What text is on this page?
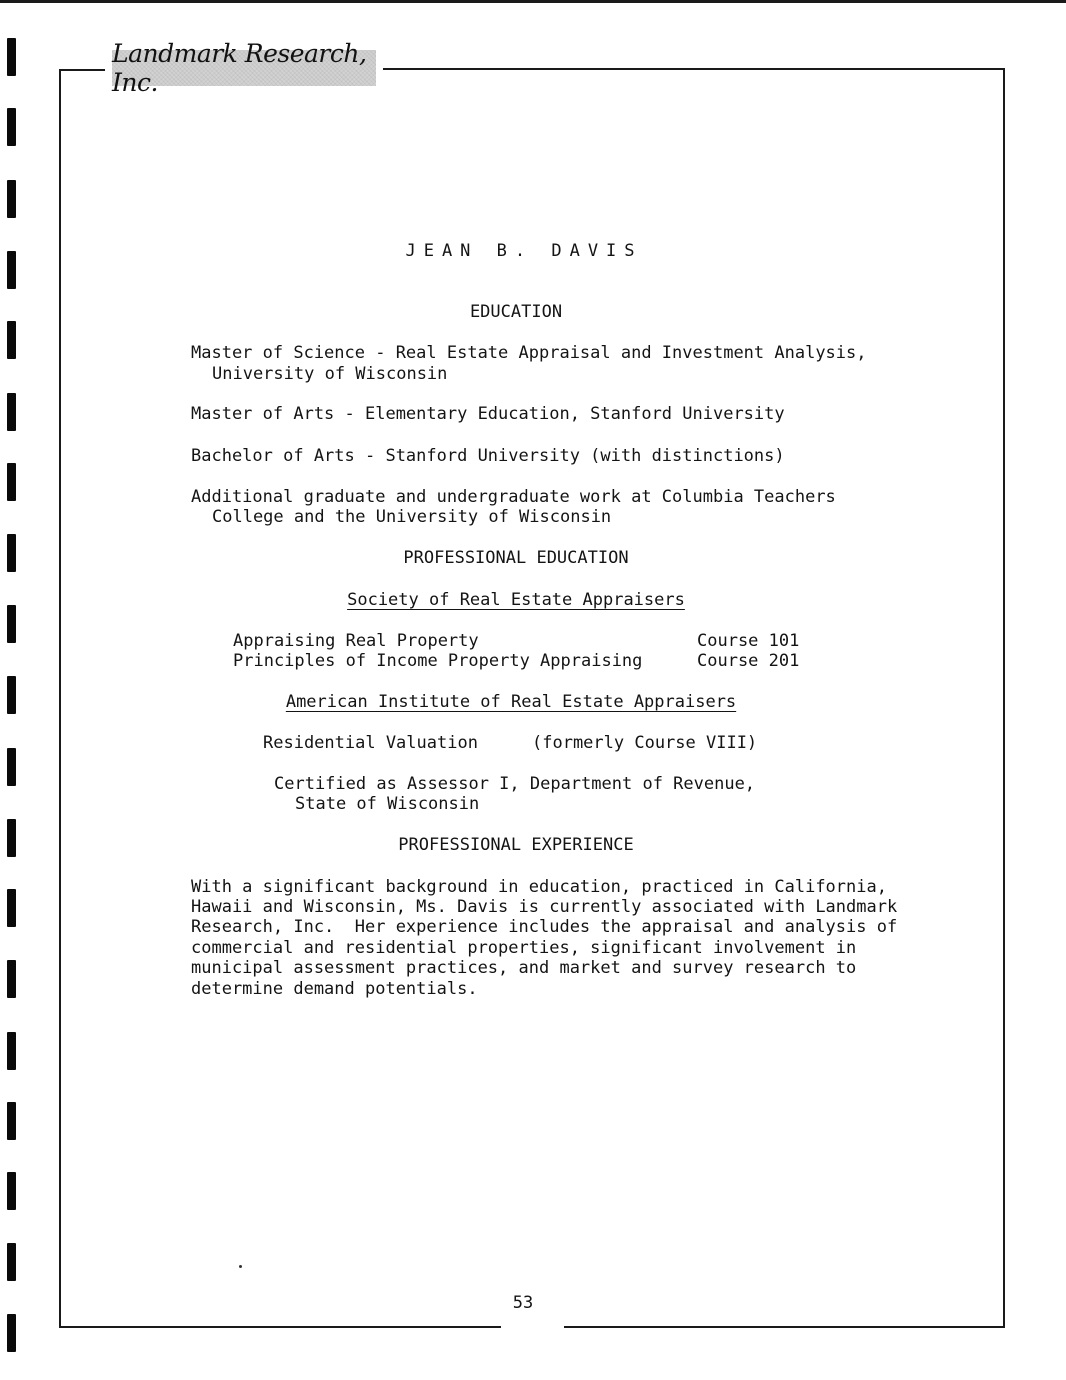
Landmark Research, Inc.

JEAN B. DAVIS

EDUCATION

Master of Science - Real Estate Appraisal and Investment Analysis,

University of Wisconsin

Master of Arts - Elementary Education, Stanford University

Bachelor of Arts - Stanford University (with distinctions)

Additional graduate and undergraduate work at Columbia Teachers

College and the University of Wisconsin

PROFESSIONAL EDUCATION

Society of Real Estate Appraisers

Appraising Real Property	Course 101

Principles of Income Property Appraising	Course 201

American Institute of Real Estate Appraisers

Residential Valuation	(formerly Course VIII)

Certified as Assessor I, Department of Revenue,

State of Wisconsin

PROFESSIONAL EXPERIENCE

With a significant background in education, practiced in California,

Hawaii and Wisconsin, Ms. Davis is currently associated with Landmark

Research, Inc.  Her experience includes the appraisal and analysis of

commercial and residential properties, significant involvement in

municipal assessment practices, and market and survey research to

determine demand potentials.

53
